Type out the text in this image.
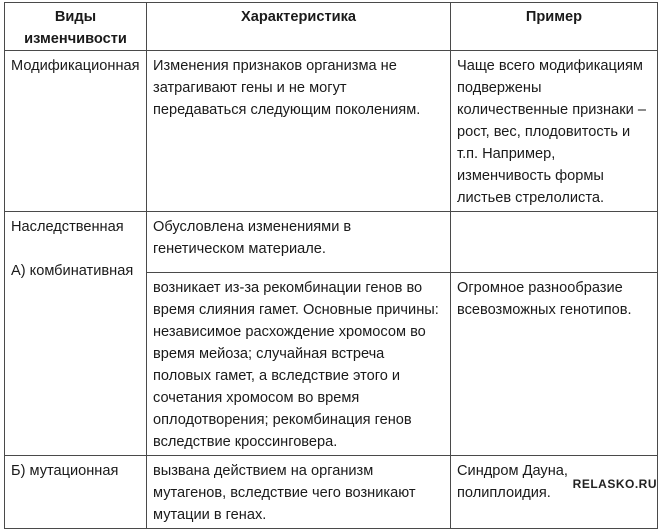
Виды изменчивости	Характеристика	Пример
Модификационная	Изменения признаков организма не затрагивают гены и не могут передаваться следующим поколениям.	Чаще всего модификациям подвержены количественные признаки – рост, вес, плодовитость и т.п. Например, изменчивость формы листьев стрелолиста.

Наследственная
А) комбинативная	Обусловлена изменениями в генетическом материале.	
	возникает из-за рекомбинации генов во время слияния гамет. Основные причины: независимое расхождение хромосом во время мейоза; случайная встреча половых гамет, а вследствие этого и сочетания хромосом во время оплодотворения; рекомбинация генов вследствие кроссинговера.	Огромное разнообразие всевозможных генотипов.
Б) мутационная	вызвана действием на организм мутагенов, вследствие чего возникают мутации в генах.	Синдром Дауна, полиплоидия.
RELASKO.RU
